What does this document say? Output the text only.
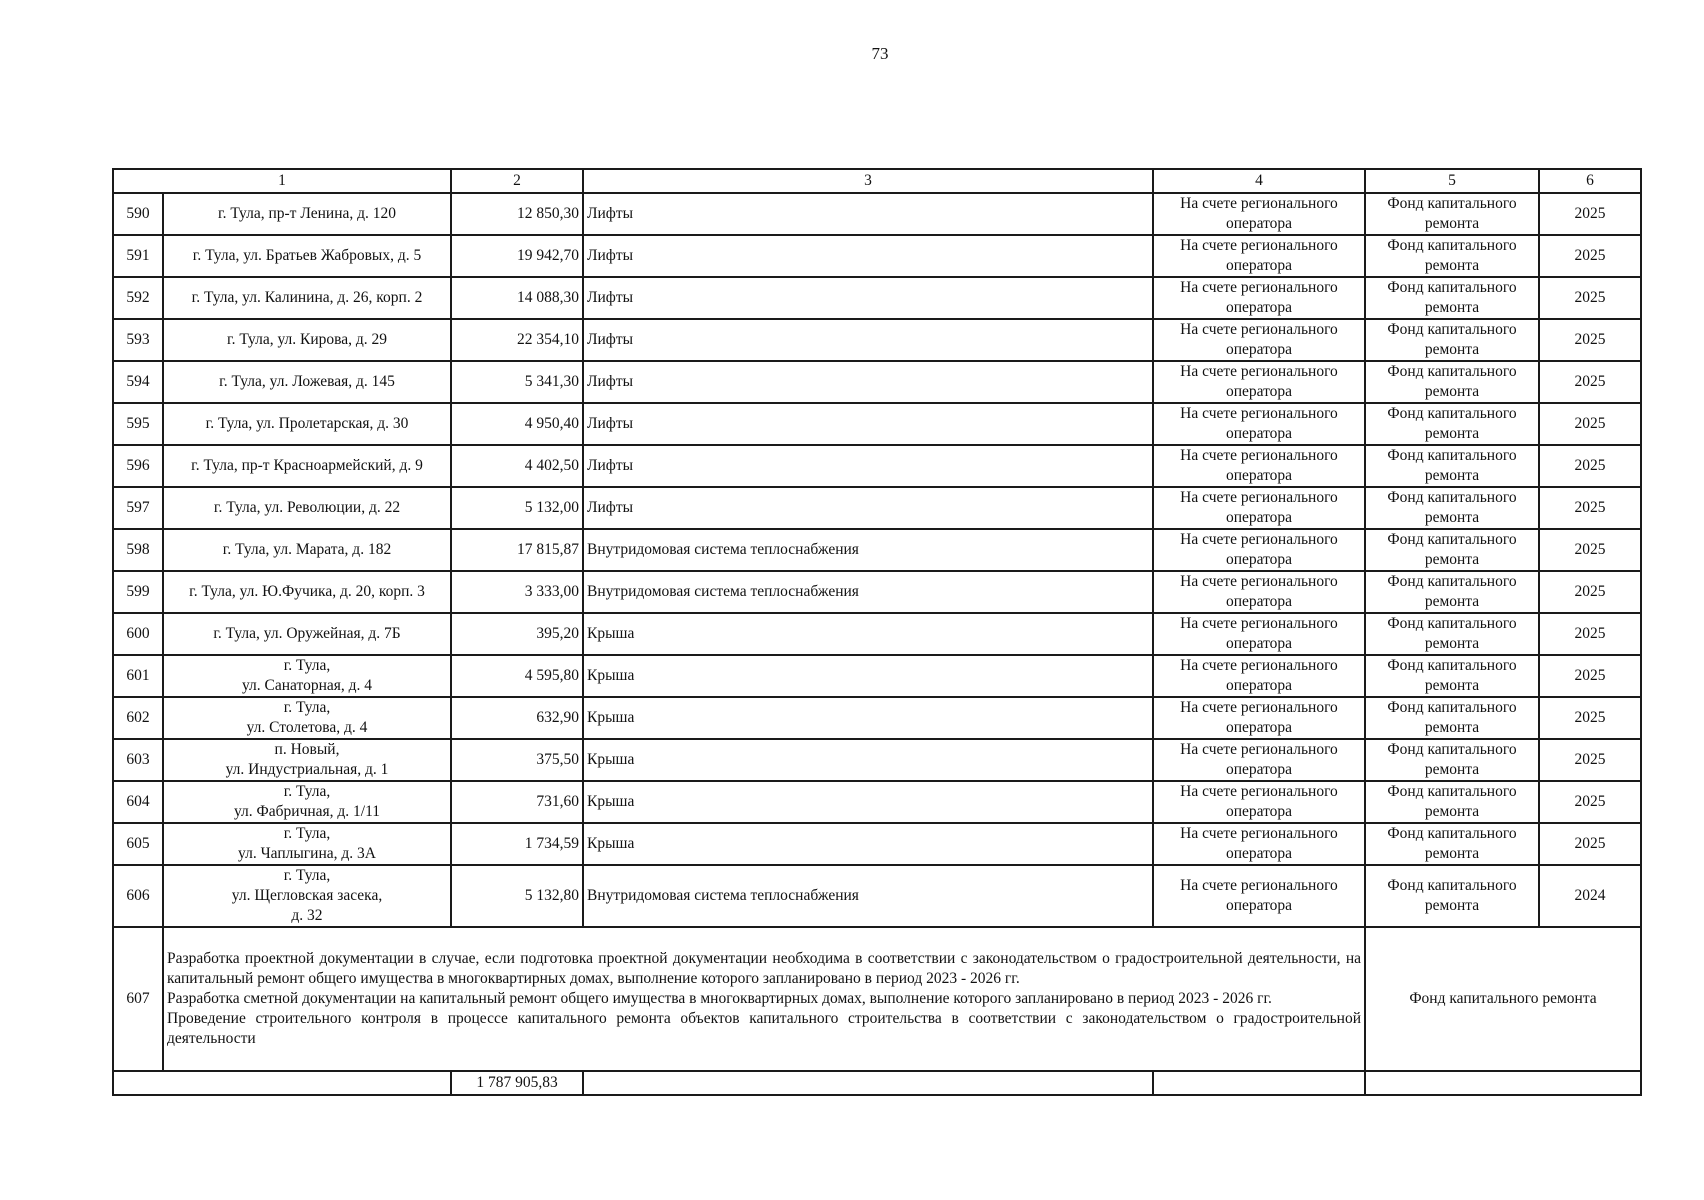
73
1		2	3	4	5	6
590	г. Тула, пр-т Ленина, д. 120	12 850,30	Лифты	На счете регионального
оператора	Фонд капитального
ремонта	2025
591	г. Тула, ул. Братьев Жабровых, д. 5	19 942,70	Лифты	На счете регионального
оператора	Фонд капитального
ремонта	2025
592	г. Тула, ул. Калинина, д. 26, корп. 2	14 088,30	Лифты	На счете регионального
оператора	Фонд капитального
ремонта	2025
593	г. Тула, ул. Кирова, д. 29	22 354,10	Лифты	На счете регионального
оператора	Фонд капитального
ремонта	2025
594	г. Тула, ул. Ложевая, д. 145	5 341,30	Лифты	На счете регионального
оператора	Фонд капитального
ремонта	2025
595	г. Тула, ул. Пролетарская, д. 30	4 950,40	Лифты	На счете регионального
оператора	Фонд капитального
ремонта	2025
596	г. Тула, пр-т Красноармейский, д. 9	4 402,50	Лифты	На счете регионального
оператора	Фонд капитального
ремонта	2025
597	г. Тула, ул. Революции, д. 22	5 132,00	Лифты	На счете регионального
оператора	Фонд капитального
ремонта	2025
598	г. Тула, ул. Марата, д. 182	17 815,87	Внутридомовая система теплоснабжения	На счете регионального
оператора	Фонд капитального
ремонта	2025
599	г. Тула, ул. Ю.Фучика, д. 20, корп. 3	3 333,00	Внутридомовая система теплоснабжения	На счете регионального
оператора	Фонд капитального
ремонта	2025
600	г. Тула, ул. Оружейная, д. 7Б	395,20	Крыша	На счете регионального
оператора	Фонд капитального
ремонта	2025
601	г. Тула,
ул. Санаторная, д. 4	4 595,80	Крыша	На счете регионального
оператора	Фонд капитального
ремонта	2025
602	г. Тула,
ул. Столетова, д. 4	632,90	Крыша	На счете регионального
оператора	Фонд капитального
ремонта	2025
603	п. Новый,
ул. Индустриальная, д. 1	375,50	Крыша	На счете регионального
оператора	Фонд капитального
ремонта	2025
604	г. Тула,
ул. Фабричная, д. 1/11	731,60	Крыша	На счете регионального
оператора	Фонд капитального
ремонта	2025
605	г. Тула,
ул. Чаплыгина, д. 3А	1 734,59	Крыша	На счете регионального
оператора	Фонд капитального
ремонта	2025
606	г. Тула,
ул. Щегловская засека,
д. 32	5 132,80	Внутридомовая система теплоснабжения	На счете регионального
оператора	Фонд капитального
ремонта	2024
607	Разработка проектной документации в случае, если подготовка проектной документации необходима в соответствии с законодательством о градостроительной деятельности, на капитальный ремонт общего имущества в многоквартирных домах, выполнение которого запланировано в период 2023 - 2026 гг.
Разработка сметной документации на капитальный ремонт общего имущества в многоквартирных домах, выполнение которого запланировано в период 2023 - 2026 гг.
Проведение строительного контроля в процессе капитального ремонта объектов капитального строительства в соответствии с законодательством о градостроительной деятельности				Фонд капитального ремонта	
		1 787 905,83				
